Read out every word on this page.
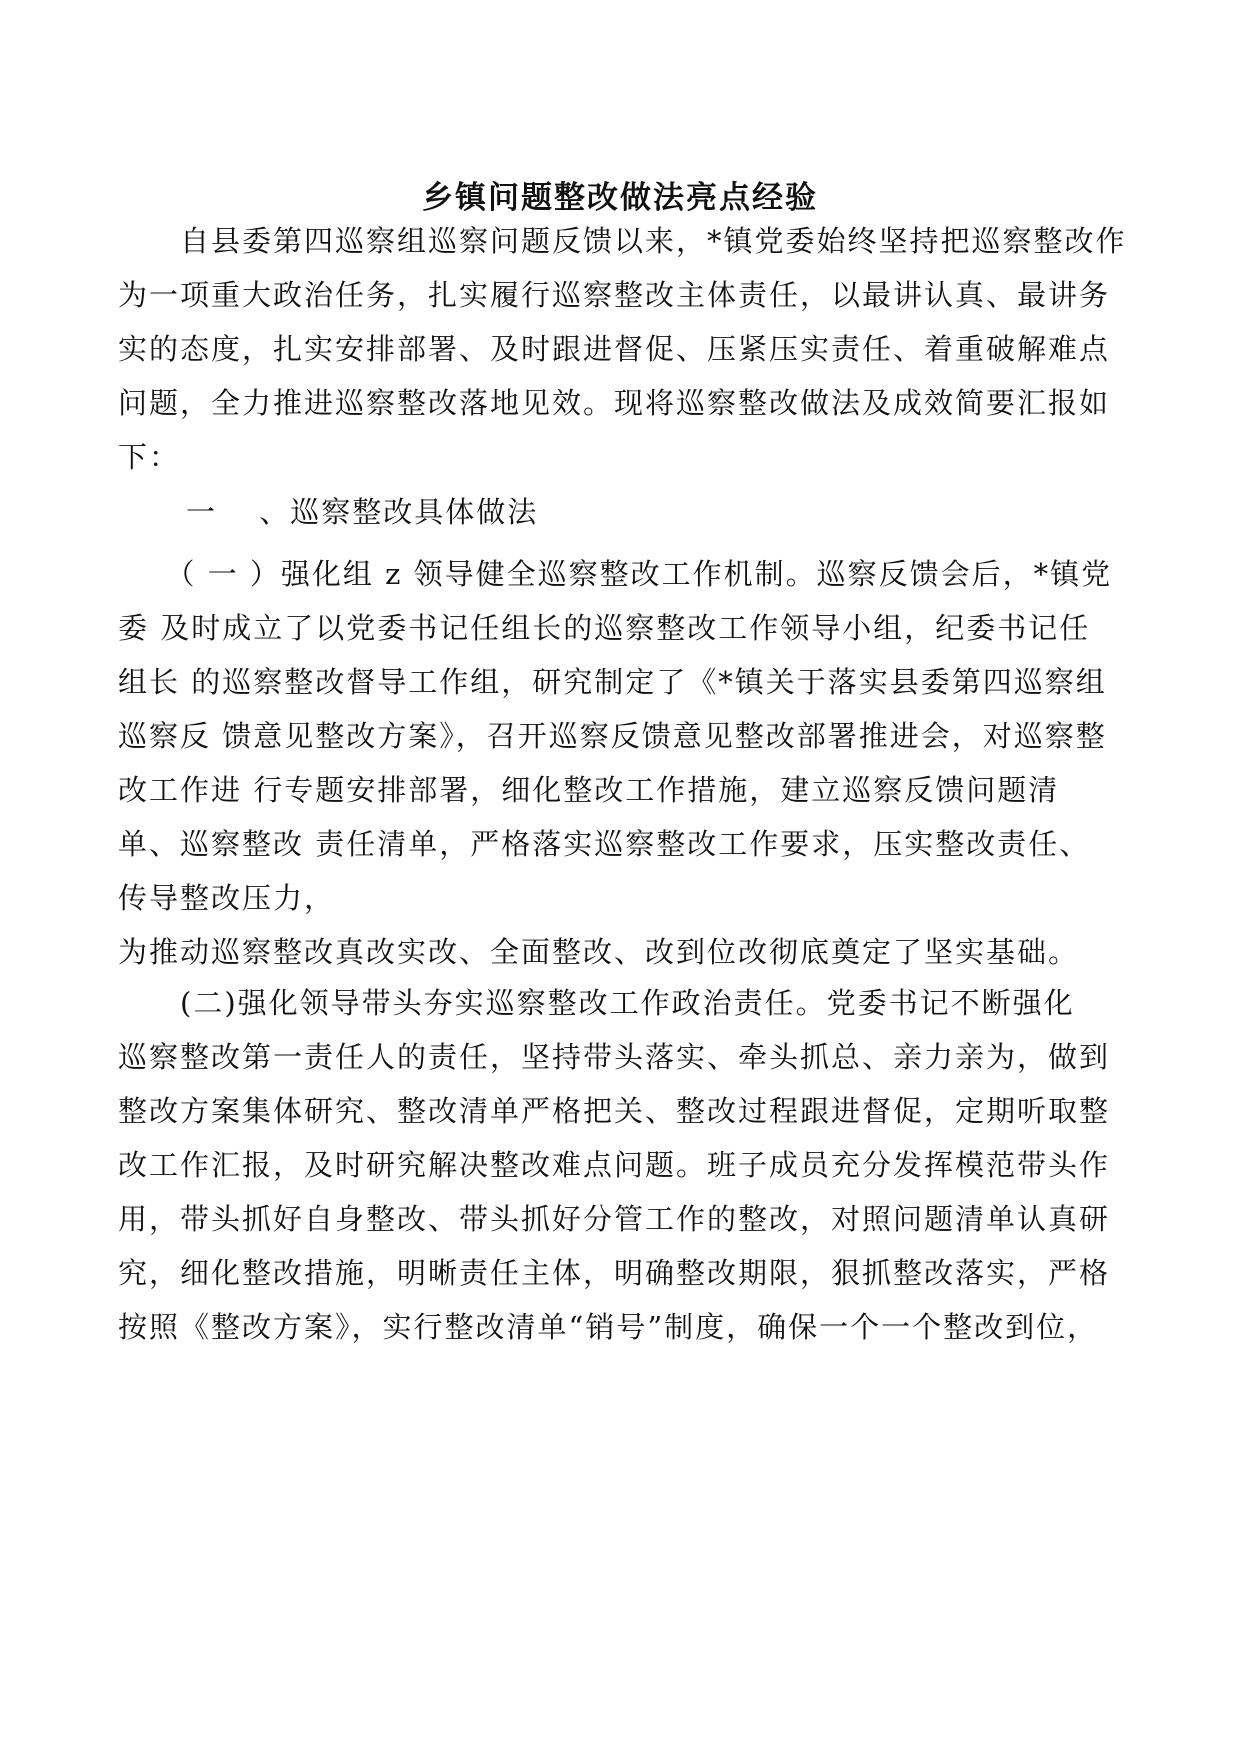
乡镇问题整改做法亮点经验
　　自县委第四巡察组巡察问题反馈以来，*镇党委始终坚持把巡察整改作
为一项重大政治任务，扎实履行巡察整改主体责任，以最讲认真、最讲务
实的态度，扎实安排部署、及时跟进督促、压紧压实责任、着重破解难点
问题，全力推进巡察整改落地见效。现将巡察整改做法及成效简要汇报如
下：
一　 、巡察整改具体做法
　　（ 一 ）强化组 z 领导健全巡察整改工作机制。巡察反馈会后，*镇党
委 及时成立了以党委书记任组长的巡察整改工作领导小组，纪委书记任
组长 的巡察整改督导工作组，研究制定了《*镇关于落实县委第四巡察组
巡察反 馈意见整改方案》，召开巡察反馈意见整改部署推进会，对巡察整
改工作进 行专题安排部署，细化整改工作措施，建立巡察反馈问题清
单、巡察整改 责任清单，严格落实巡察整改工作要求，压实整改责任、
传导整改压力，
为推动巡察整改真改实改、全面整改、改到位改彻底奠定了坚实基础。
　　(二)强化领导带头夯实巡察整改工作政治责任。党委书记不断强化
巡察整改第一责任人的责任，坚持带头落实、牵头抓总、亲力亲为，做到
整改方案集体研究、整改清单严格把关、整改过程跟进督促，定期听取整
改工作汇报，及时研究解决整改难点问题。班子成员充分发挥模范带头作
用，带头抓好自身整改、带头抓好分管工作的整改，对照问题清单认真研
究，细化整改措施，明晰责任主体，明确整改期限，狠抓整改落实，严格
按照《整改方案》，实行整改清单“销号”制度，确保一个一个整改到位，
